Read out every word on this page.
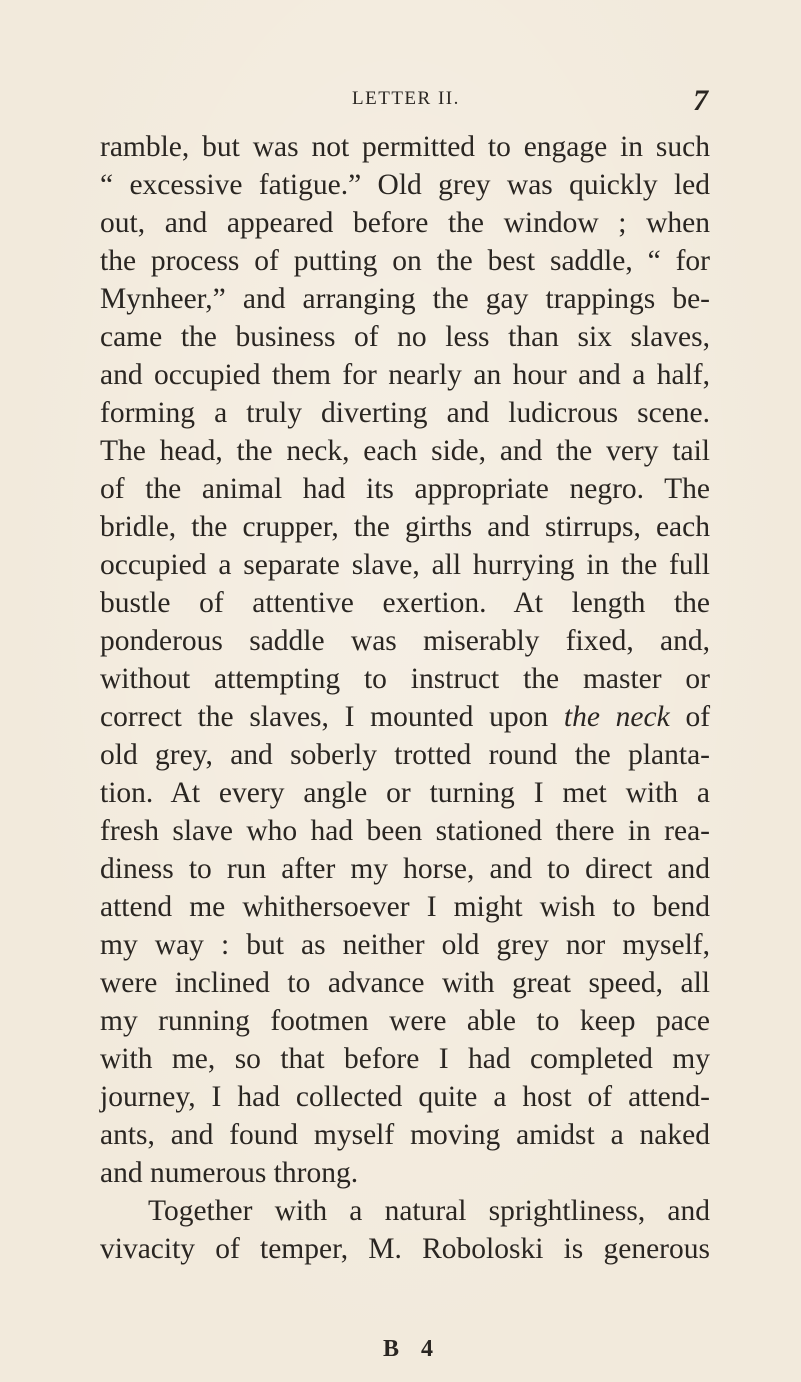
LETTER II.	7
ramble, but was not permitted to engage in such
“ excessive fatigue.” Old grey was quickly led
out, and appeared before the window ; when
the process of putting on the best saddle, “ for
Mynheer,” and arranging the gay trappings be-
came the business of no less than six slaves,
and occupied them for nearly an hour and a half,
forming a truly diverting and ludicrous scene.
The head, the neck, each side, and the very tail
of the animal had its appropriate negro. The
bridle, the crupper, the girths and stirrups, each
occupied a separate slave, all hurrying in the full
bustle of attentive exertion. At length the
ponderous saddle was miserably fixed, and,
without attempting to instruct the master or
correct the slaves, I mounted upon the neck of
old grey, and soberly trotted round the planta-
tion. At every angle or turning I met with a
fresh slave who had been stationed there in rea-
diness to run after my horse, and to direct and
attend me whithersoever I might wish to bend
my way : but as neither old grey nor myself,
were inclined to advance with great speed, all
my running footmen were able to keep pace
with me, so that before I had completed my
journey, I had collected quite a host of attend-
ants, and found myself moving amidst a naked
and numerous throng.
Together with a natural sprightliness, and
vivacity of temper, M. Roboloski is generous
B 4
